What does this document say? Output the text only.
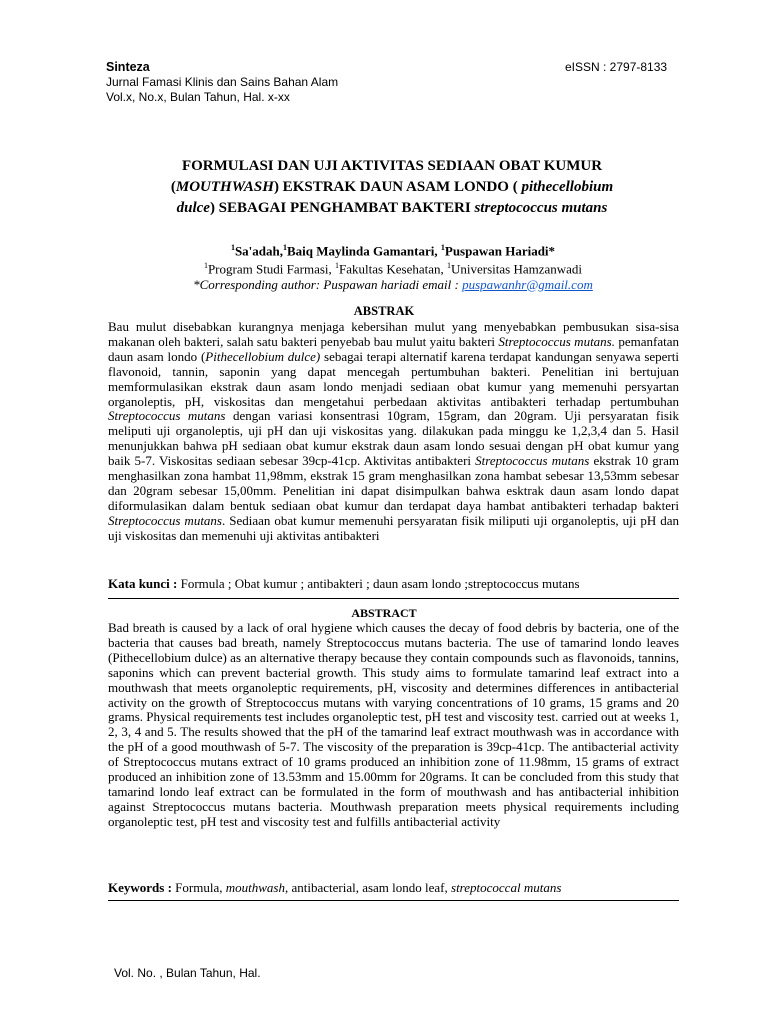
Sinteza
Jurnal Famasi Klinis dan Sains Bahan Alam
Vol.x, No.x, Bulan Tahun, Hal. x-xx
eISSN : 2797-8133
FORMULASI DAN UJI AKTIVITAS SEDIAAN OBAT KUMUR
(MOUTHWASH) EKSTRAK DAUN ASAM LONDO ( pithecellobium
dulce) SEBAGAI PENGHAMBAT BAKTERI streptococcus mutans
$^1$Sa'adah,$^1$Baiq Maylinda Gamantari, $^1$Puspawan Hariadi*
$^1$Program Studi Farmasi, $^1$Fakultas Kesehatan, $^1$Universitas Hamzanwadi
*Corresponding author: Puspawan hariadi email : puspawanhr@gmail.com
ABSTRAK
Bau mulut disebabkan kurangnya menjaga kebersihan mulut yang menyebabkan pembusukan sisa-sisa makanan oleh bakteri, salah satu bakteri penyebab bau mulut yaitu bakteri Streptococcus mutans. pemanfatan daun asam londo (Pithecellobium dulce) sebagai terapi alternatif karena terdapat kandungan senyawa seperti flavonoid, tannin, saponin yang dapat mencegah pertumbuhan bakteri. Penelitian ini bertujuan memformulasikan ekstrak daun asam londo menjadi sediaan obat kumur yang memenuhi persyartan organoleptis, pH, viskositas dan mengetahui perbedaan aktivitas antibakteri terhadap pertumbuhan Streptococcus mutans dengan variasi konsentrasi 10gram, 15gram, dan 20gram. Uji persyaratan fisik meliputi uji organoleptis, uji pH dan uji viskositas yang. dilakukan pada minggu ke 1,2,3,4 dan 5. Hasil menunjukkan bahwa pH sediaan obat kumur ekstrak daun asam londo sesuai dengan pH obat kumur yang baik 5-7. Viskositas sediaan sebesar 39cp-41cp. Aktivitas antibakteri Streptococcus mutans ekstrak 10 gram menghasilkan zona hambat 11,98mm, ekstrak 15 gram menghasilkan zona hambat sebesar 13,53mm sebesar dan 20gram sebesar 15,00mm. Penelitian ini dapat disimpulkan bahwa esktrak daun asam londo dapat diformulasikan dalam bentuk sediaan obat kumur dan terdapat daya hambat antibakteri terhadap bakteri Streptococcus mutans. Sediaan obat kumur memenuhi persyaratan fisik miliputi uji organoleptis, uji pH dan uji viskositas dan memenuhi uji aktivitas antibakteri
Kata kunci : Formula ; Obat kumur ; antibakteri ; daun asam londo ;streptococcus mutans
ABSTRACT
Bad breath is caused by a lack of oral hygiene which causes the decay of food debris by bacteria, one of the bacteria that causes bad breath, namely Streptococcus mutans bacteria. The use of tamarind londo leaves (Pithecellobium dulce) as an alternative therapy because they contain compounds such as flavonoids, tannins, saponins which can prevent bacterial growth. This study aims to formulate tamarind leaf extract into a mouthwash that meets organoleptic requirements, pH, viscosity and determines differences in antibacterial activity on the growth of Streptococcus mutans with varying concentrations of 10 grams, 15 grams and 20 grams. Physical requirements test includes organoleptic test, pH test and viscosity test. carried out at weeks 1, 2, 3, 4 and 5. The results showed that the pH of the tamarind leaf extract mouthwash was in accordance with the pH of a good mouthwash of 5-7. The viscosity of the preparation is 39cp-41cp. The antibacterial activity of Streptococcus mutans extract of 10 grams produced an inhibition zone of 11.98mm, 15 grams of extract produced an inhibition zone of 13.53mm and 15.00mm for 20grams. It can be concluded from this study that tamarind londo leaf extract can be formulated in the form of mouthwash and has antibacterial inhibition against Streptococcus mutans bacteria. Mouthwash preparation meets physical requirements including organoleptic test, pH test and viscosity test and fulfills antibacterial activity
Keywords : Formula, mouthwash, antibacterial, asam londo leaf, streptococcal mutans
Vol. No. , Bulan Tahun, Hal.
